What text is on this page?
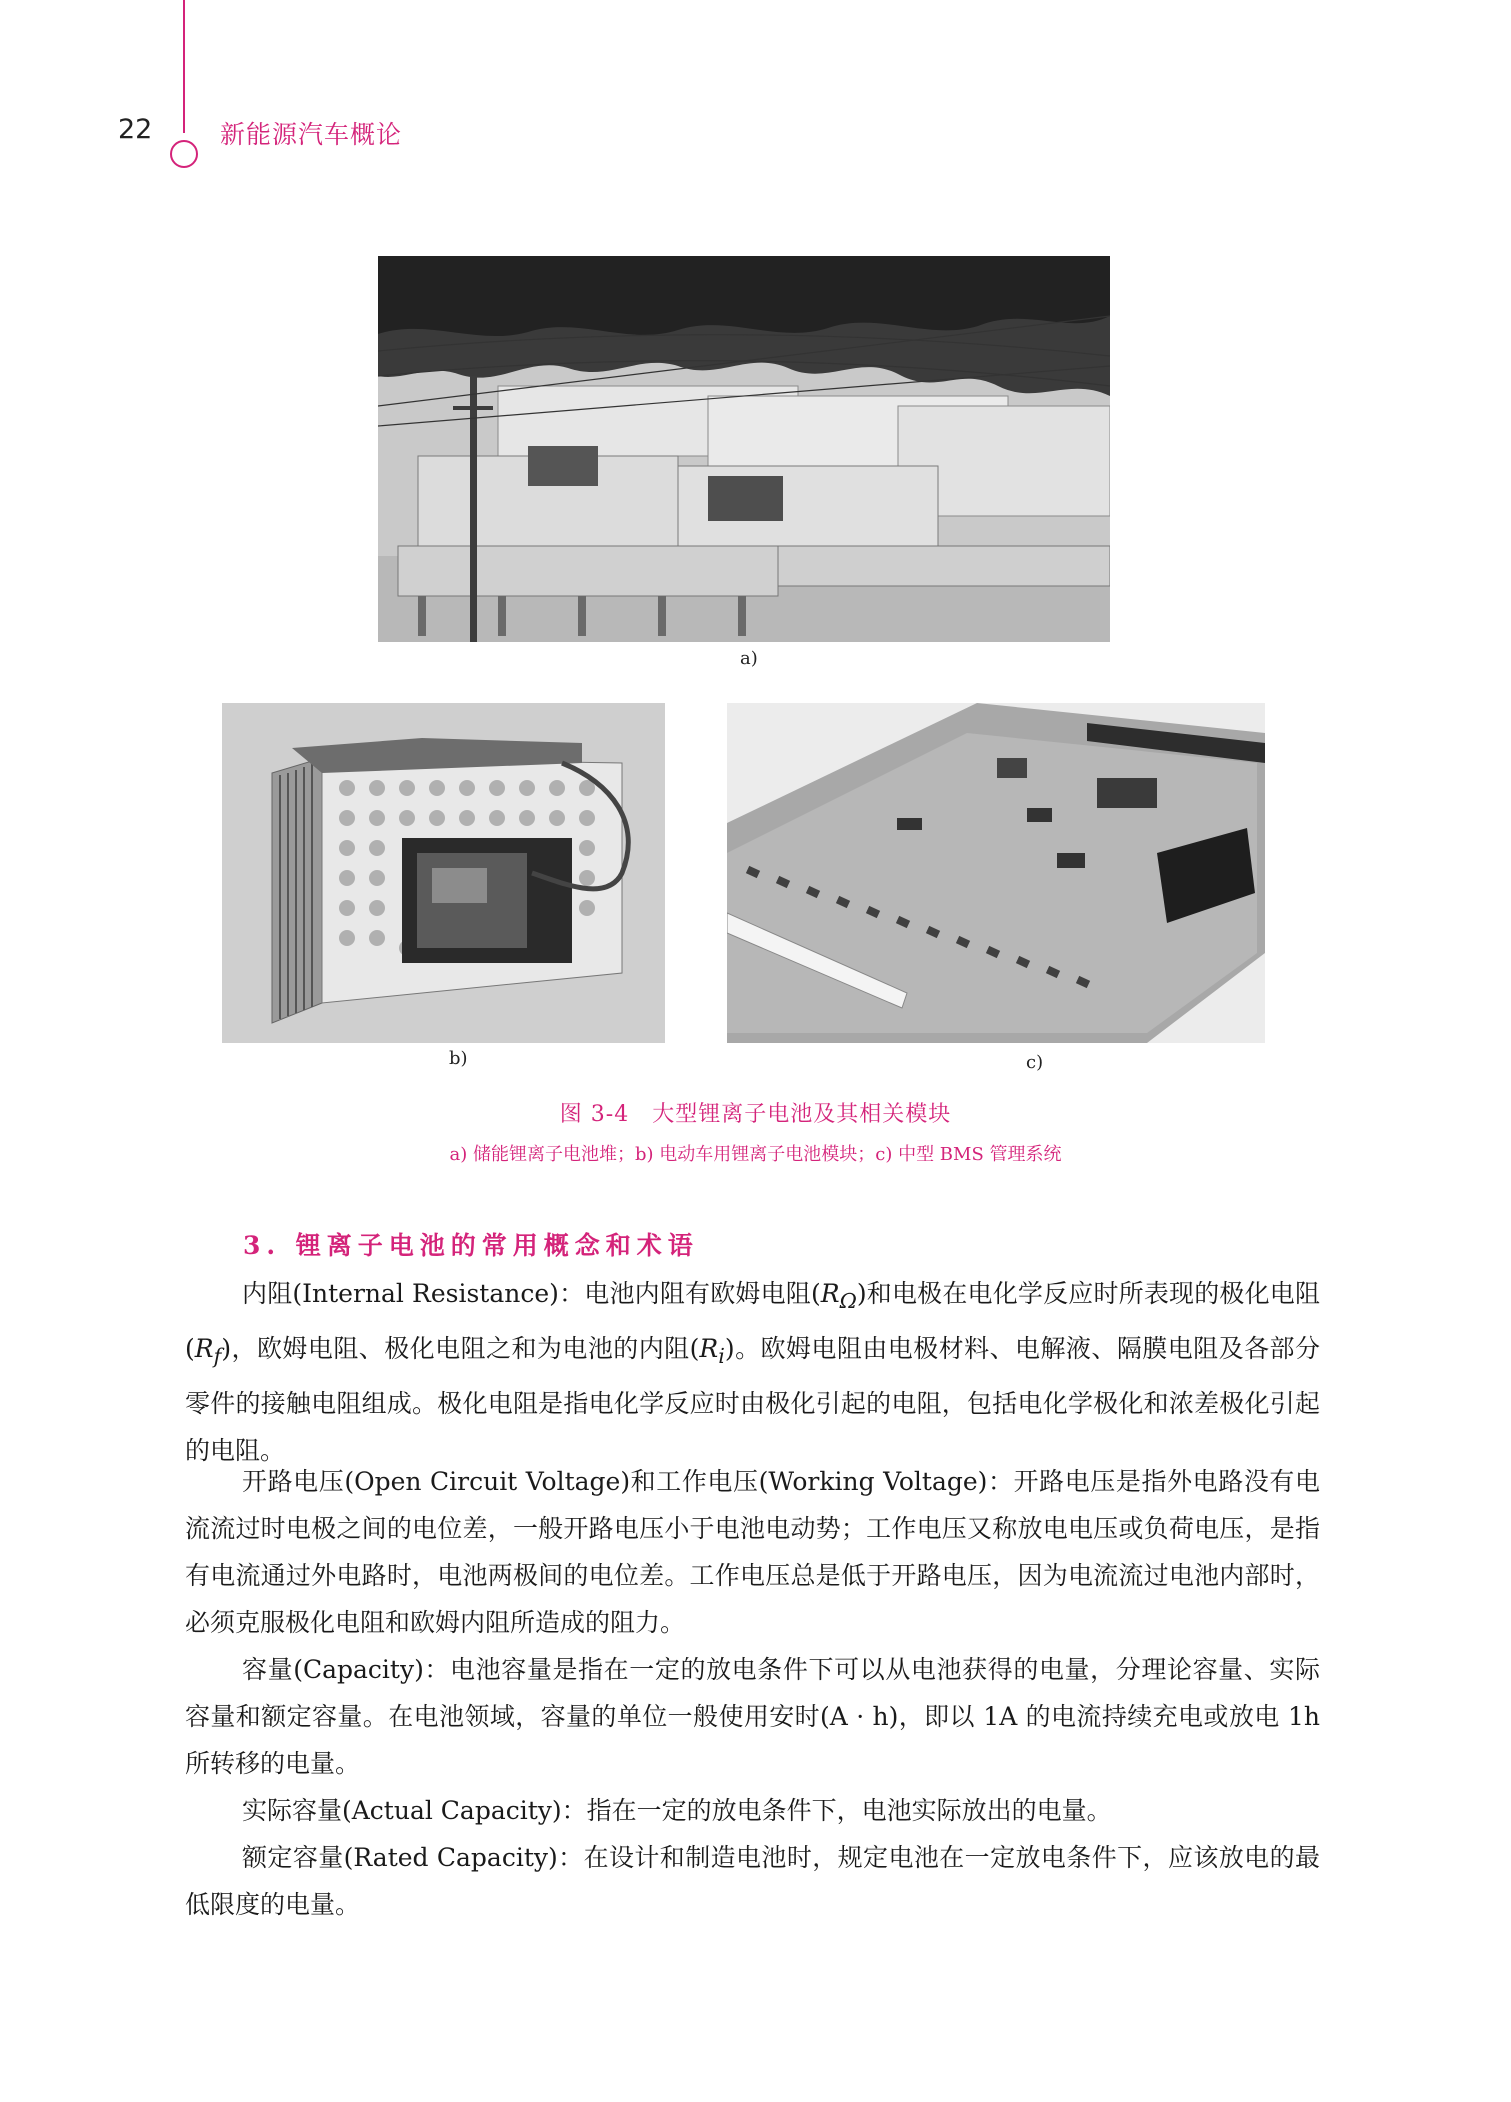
22	新能源汽车概论
a)
b)	c)
图 3-4　大型锂离子电池及其相关模块
a) 储能锂离子电池堆；b) 电动车用锂离子电池模块；c) 中型 BMS 管理系统
3. 锂离子电池的常用概念和术语

内阻(Internal Resistance)：电池内阻有欧姆电阻$(R_\Omega)$和电极在电化学反应时所表现的极化电阻$(R_f)$，欧姆电阻、极化电阻之和为电池的内阻$(R_i)$。欧姆电阻由电极材料、电解液、隔膜电阻及各部分零件的接触电阻组成。极化电阻是指电化学反应时由极化引起的电阻，包括电化学极化和浓差极化引起的电阻。

开路电压(Open Circuit Voltage)和工作电压(Working Voltage)：开路电压是指外电路没有电流流过时电极之间的电位差，一般开路电压小于电池电动势；工作电压又称放电电压或负荷电压，是指有电流通过外电路时，电池两极间的电位差。工作电压总是低于开路电压，因为电流流过电池内部时，必须克服极化电阻和欧姆内阻所造成的阻力。

容量(Capacity)：电池容量是指在一定的放电条件下可以从电池获得的电量，分理论容量、实际容量和额定容量。在电池领域，容量的单位一般使用安时(A · h)，即以 1A 的电流持续充电或放电 1h 所转移的电量。

实际容量(Actual Capacity)：指在一定的放电条件下，电池实际放出的电量。

额定容量(Rated Capacity)：在设计和制造电池时，规定电池在一定放电条件下，应该放电的最低限度的电量。
